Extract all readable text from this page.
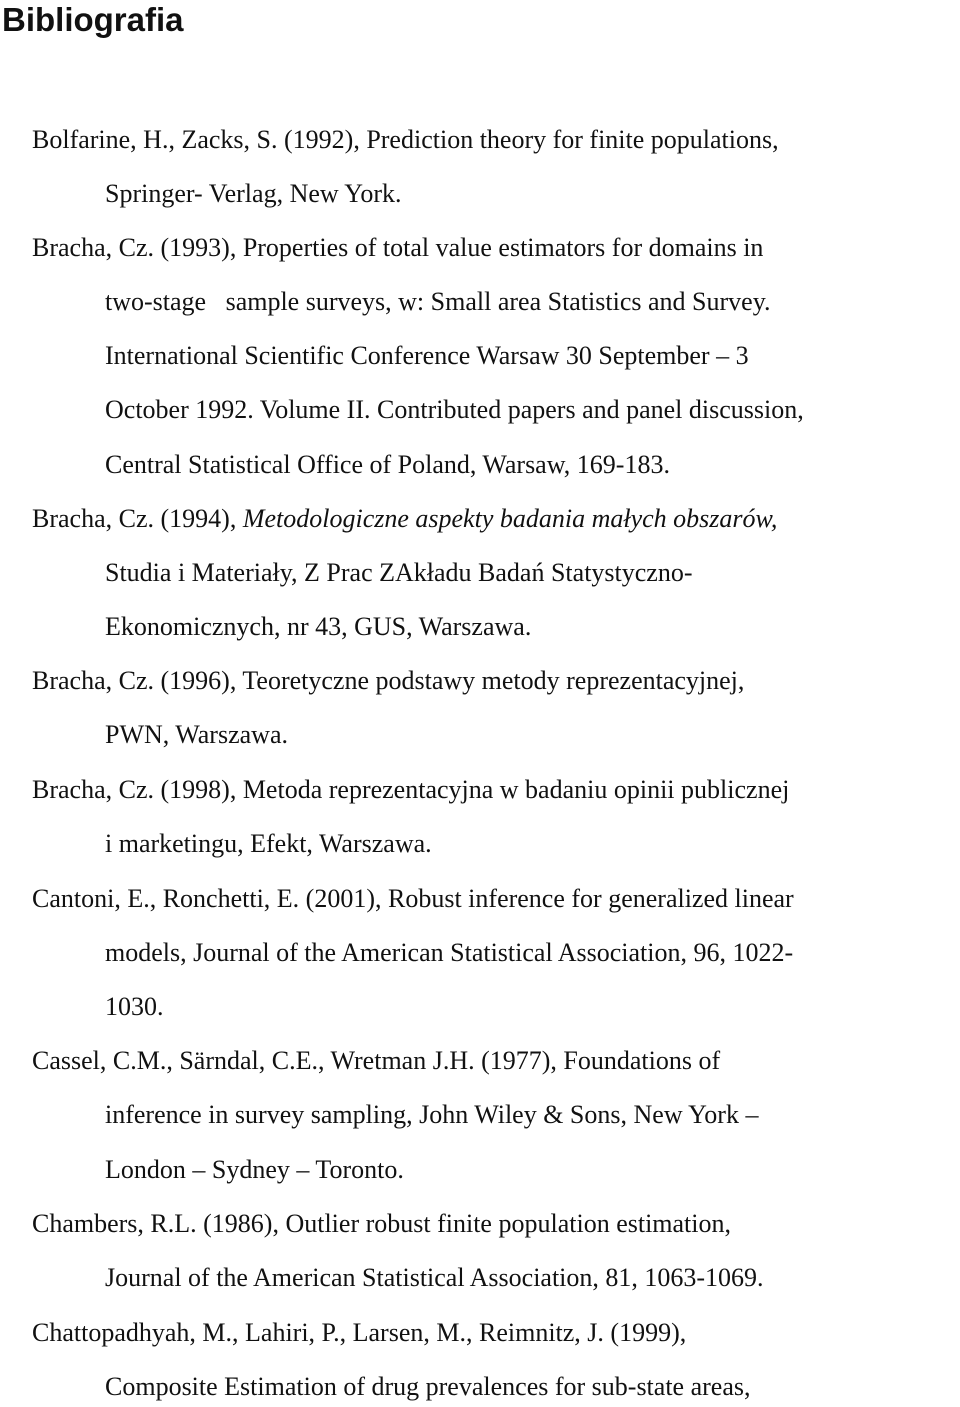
Bibliografia

Bolfarine, H., Zacks, S. (1992), Prediction theory for finite populations,

Springer- Verlag, New York.

Bracha, Cz. (1993), Properties of total value estimators for domains in

two-stage   sample surveys, w: Small area Statistics and Survey.

International Scientific Conference Warsaw 30 September – 3

October 1992. Volume II. Contributed papers and panel discussion,

Central Statistical Office of Poland, Warsaw, 169-183.

Bracha, Cz. (1994), Metodologiczne aspekty badania małych obszarów,

Studia i Materiały, Z Prac ZAkładu Badań Statystyczno-

Ekonomicznych, nr 43, GUS, Warszawa.

Bracha, Cz. (1996), Teoretyczne podstawy metody reprezentacyjnej,

PWN, Warszawa.

Bracha, Cz. (1998), Metoda reprezentacyjna w badaniu opinii publicznej

i marketingu, Efekt, Warszawa.

Cantoni, E., Ronchetti, E. (2001), Robust inference for generalized linear

models, Journal of the American Statistical Association, 96, 1022-

1030.

Cassel, C.M., Särndal, C.E., Wretman J.H. (1977), Foundations of

inference in survey sampling, John Wiley & Sons, New York –

London – Sydney – Toronto.

Chambers, R.L. (1986), Outlier robust finite population estimation,

Journal of the American Statistical Association, 81, 1063-1069.

Chattopadhyah, M., Lahiri, P., Larsen, M., Reimnitz, J. (1999),

Composite Estimation of drug prevalences for sub-state areas,
